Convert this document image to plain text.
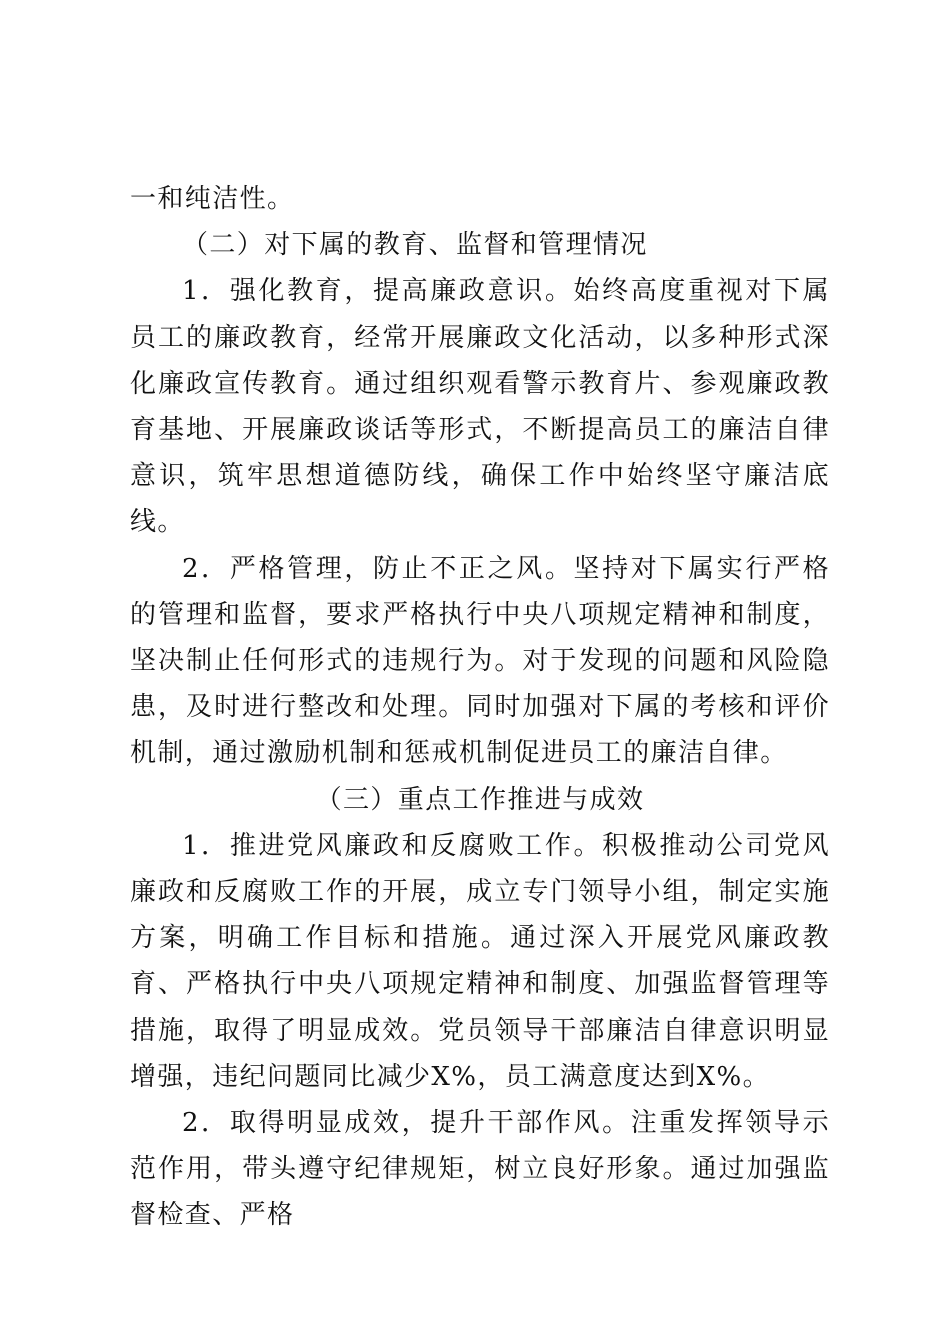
一和纯洁性。

（二）对下属的教育、监督和管理情况

1．强化教育，提高廉政意识。始终高度重视对下属员工的廉政教育，经常开展廉政文化活动，以多种形式深化廉政宣传教育。通过组织观看警示教育片、参观廉政教育基地、开展廉政谈话等形式，不断提高员工的廉洁自律意识，筑牢思想道德防线，确保工作中始终坚守廉洁底线。

2．严格管理，防止不正之风。坚持对下属实行严格的管理和监督，要求严格执行中央八项规定精神和制度，坚决制止任何形式的违规行为。对于发现的问题和风险隐患，及时进行整改和处理。同时加强对下属的考核和评价机制，通过激励机制和惩戒机制促进员工的廉洁自律。

（三）重点工作推进与成效

1．推进党风廉政和反腐败工作。积极推动公司党风廉政和反腐败工作的开展，成立专门领导小组，制定实施方案，明确工作目标和措施。通过深入开展党风廉政教育、严格执行中央八项规定精神和制度、加强监督管理等措施，取得了明显成效。党员领导干部廉洁自律意识明显增强，违纪问题同比减少X%，员工满意度达到X%。

2．取得明显成效，提升干部作风。注重发挥领导示范作用，带头遵守纪律规矩，树立良好形象。通过加强监督检查、严格
